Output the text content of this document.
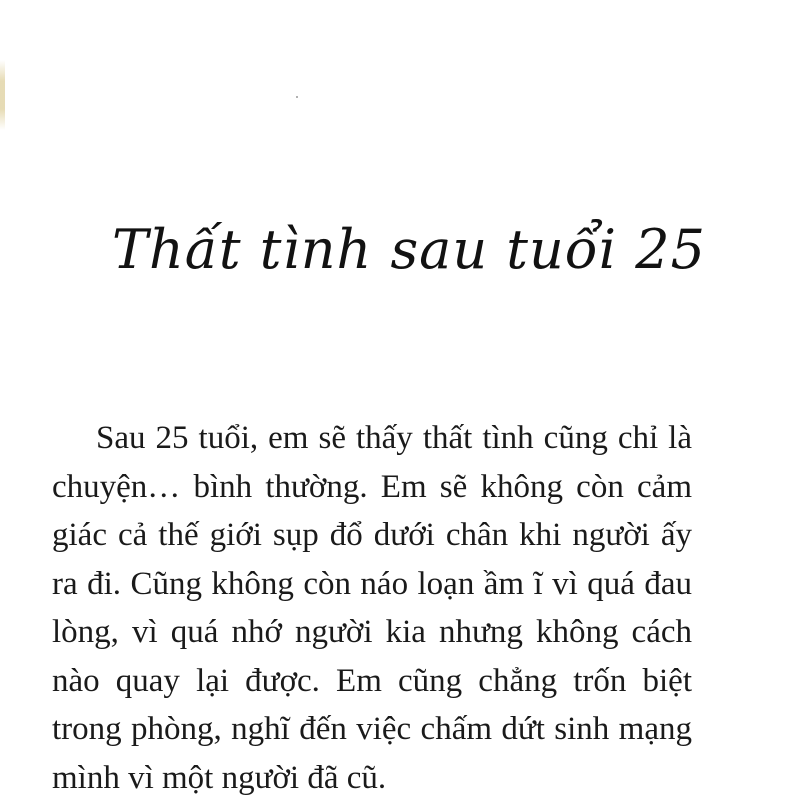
Thất tình sau tuổi 25

Sau 25 tuổi, em sẽ thấy thất tình cũng chỉ là chuyện… bình thường. Em sẽ không còn cảm giác cả thế giới sụp đổ dưới chân khi người ấy ra đi. Cũng không còn náo loạn ầm ĩ vì quá đau lòng, vì quá nhớ người kia nhưng không cách nào quay lại được. Em cũng chẳng trốn biệt trong phòng, nghĩ đến việc chấm dứt sinh mạng mình vì một người đã cũ.
